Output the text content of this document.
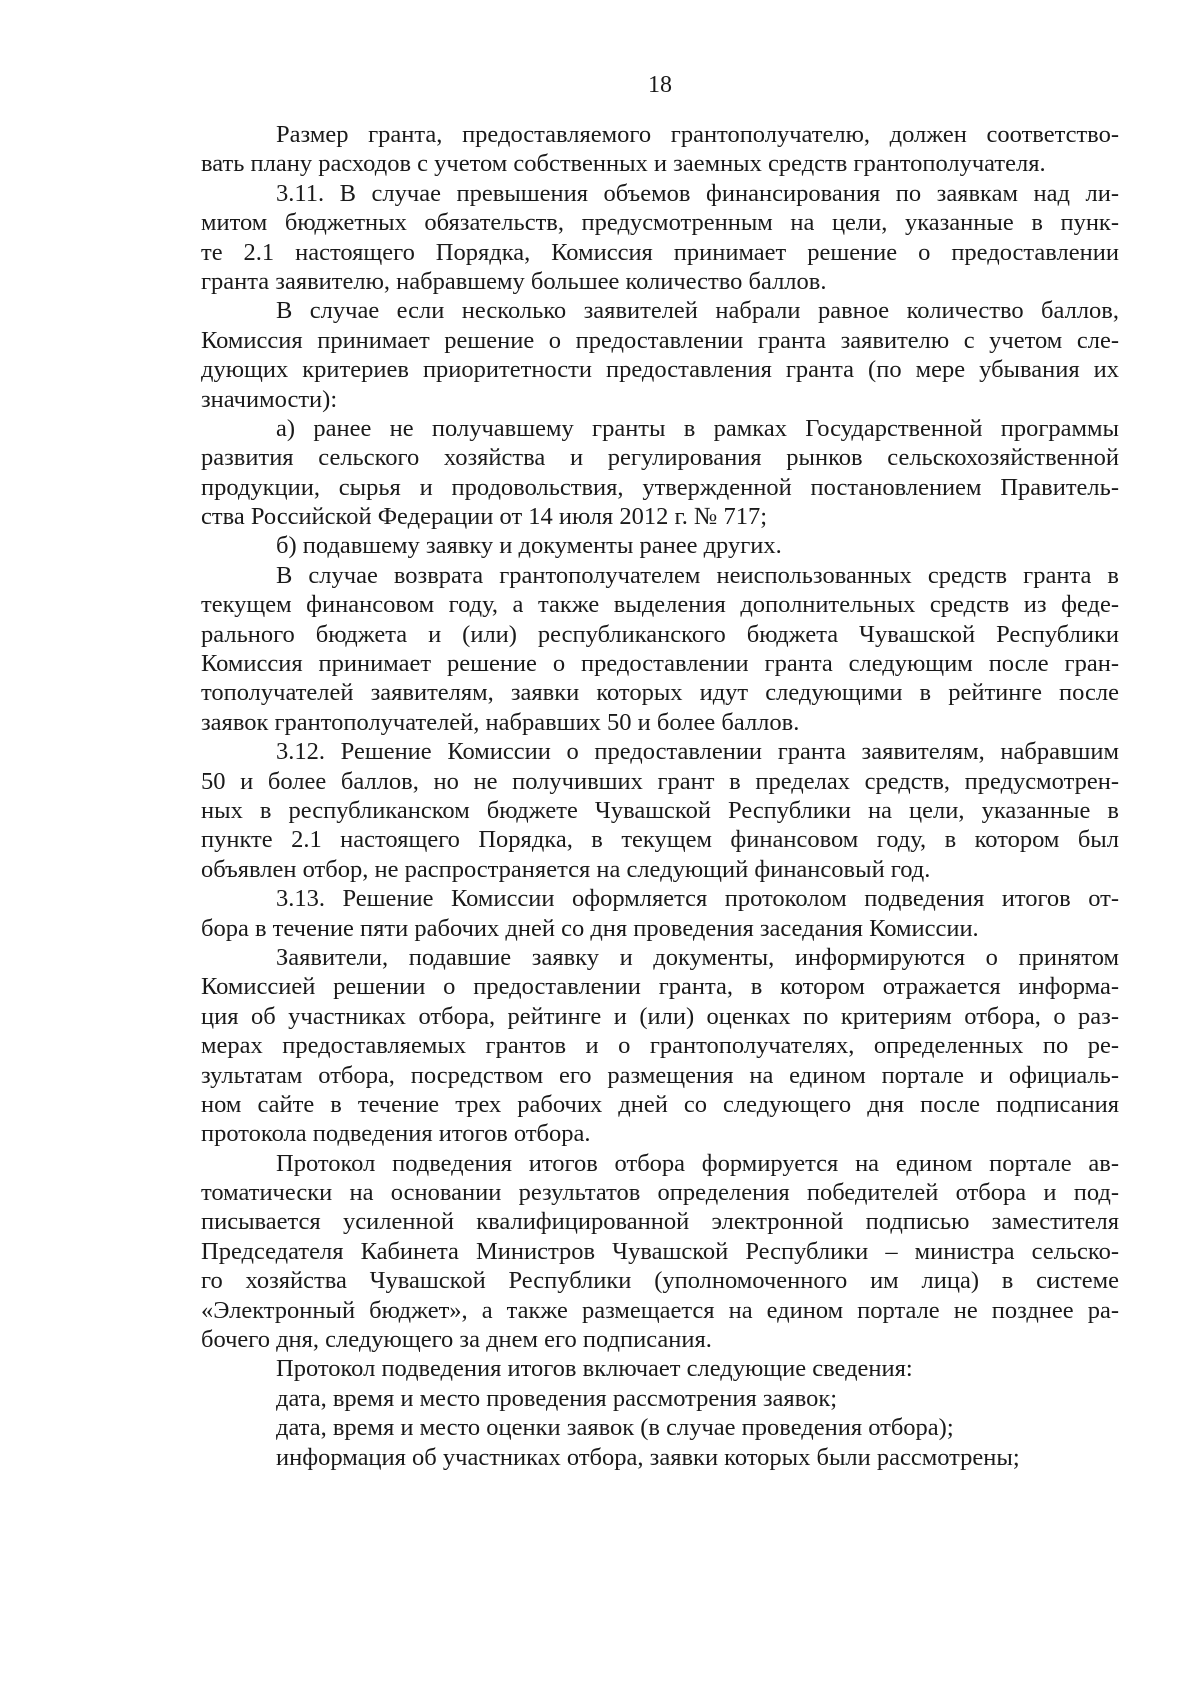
18
Размер гранта, предоставляемого грантополучателю, должен соответство-
вать плану расходов с учетом собственных и заемных средств грантополучателя.
3.11. В случае превышения объемов финансирования по заявкам над ли-
митом бюджетных обязательств, предусмотренным на цели, указанные в пунк-
те 2.1 настоящего Порядка, Комиссия принимает решение о предоставлении
гранта заявителю, набравшему большее количество баллов.
В случае если несколько заявителей набрали равное количество баллов,
Комиссия принимает решение о предоставлении гранта заявителю с учетом сле-
дующих критериев приоритетности предоставления гранта (по мере убывания их
значимости):
а) ранее не получавшему гранты в рамках Государственной программы
развития сельского хозяйства и регулирования рынков сельскохозяйственной
продукции, сырья и продовольствия, утвержденной постановлением Правитель-
ства Российской Федерации от 14 июля 2012 г. № 717;
б) подавшему заявку и документы ранее других.
В случае возврата грантополучателем неиспользованных средств гранта в
текущем финансовом году, а также выделения дополнительных средств из феде-
рального бюджета и (или) республиканского бюджета Чувашской Республики
Комиссия принимает решение о предоставлении гранта следующим после гран-
тополучателей заявителям, заявки которых идут следующими в рейтинге после
заявок грантополучателей, набравших 50 и более баллов.
3.12. Решение Комиссии о предоставлении гранта заявителям, набравшим
50 и более баллов, но не получивших грант в пределах средств, предусмотрен-
ных в республиканском бюджете Чувашской Республики на цели, указанные в
пункте 2.1 настоящего Порядка, в текущем финансовом году, в котором был
объявлен отбор, не распространяется на следующий финансовый год.
3.13. Решение Комиссии оформляется протоколом подведения итогов от-
бора в течение пяти рабочих дней со дня проведения заседания Комиссии.
Заявители, подавшие заявку и документы, информируются о принятом
Комиссией решении о предоставлении гранта, в котором отражается информа-
ция об участниках отбора, рейтинге и (или) оценках по критериям отбора, о раз-
мерах предоставляемых грантов и о грантополучателях, определенных по ре-
зультатам отбора, посредством его размещения на едином портале и официаль-
ном сайте в течение трех рабочих дней со следующего дня после подписания
протокола подведения итогов отбора.
Протокол подведения итогов отбора формируется на едином портале ав-
томатически на основании результатов определения победителей отбора и под-
писывается усиленной квалифицированной электронной подписью заместителя
Председателя Кабинета Министров Чувашской Республики – министра сельско-
го хозяйства Чувашской Республики (уполномоченного им лица) в системе
«Электронный бюджет», а также размещается на едином портале не позднее ра-
бочего дня, следующего за днем его подписания.
Протокол подведения итогов включает следующие сведения:
дата, время и место проведения рассмотрения заявок;
дата, время и место оценки заявок (в случае проведения отбора);
информация об участниках отбора, заявки которых были рассмотрены;
